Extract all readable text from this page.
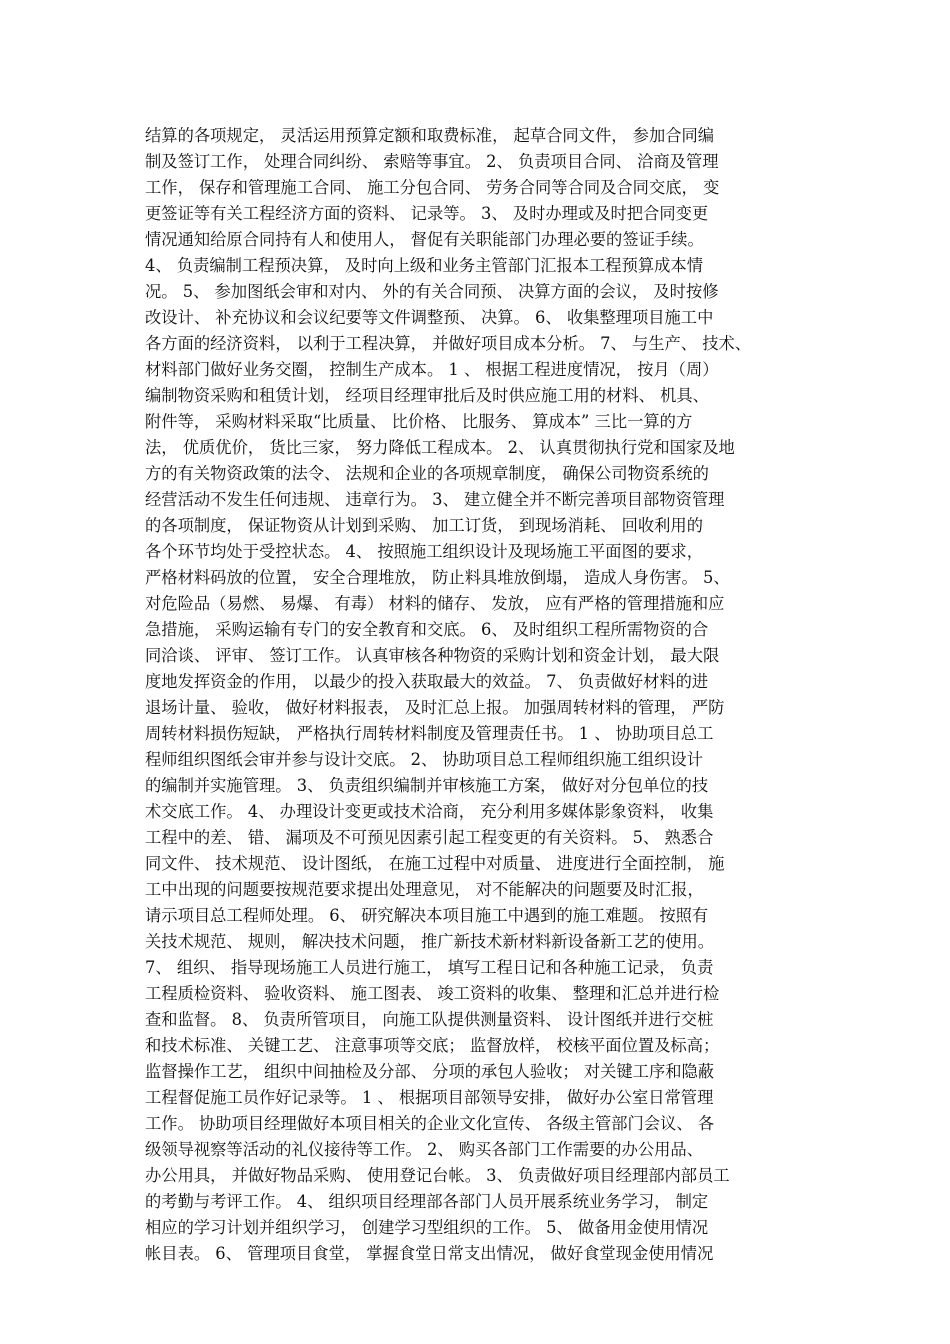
结算的各项规定， 灵活运用预算定额和取费标准， 起草合同文件， 参加合同编
制及签订工作， 处理合同纠纷、 索赔等事宜。 2、 负责项目合同、 洽商及管理
工作， 保存和管理施工合同、 施工分包合同、 劳务合同等合同及合同交底， 变
更签证等有关工程经济方面的资料、 记录等。 3、 及时办理或及时把合同变更
情况通知给原合同持有人和使用人， 督促有关职能部门办理必要的签证手续。
4、 负责编制工程预决算， 及时向上级和业务主管部门汇报本工程预算成本情
况。 5、 参加图纸会审和对内、 外的有关合同预、 决算方面的会议， 及时按修
改设计、 补充协议和会议纪要等文件调整预、 决算。 6、 收集整理项目施工中
各方面的经济资料， 以利于工程决算， 并做好项目成本分析。 7、 与生产、 技术、
材料部门做好业务交圈， 控制生产成本。 1 、 根据工程进度情况， 按月（周）
编制物资采购和租赁计划， 经项目经理审批后及时供应施工用的材料、 机具、
附件等， 采购材料采取“比质量、 比价格、 比服务、 算成本” 三比一算的方
法， 优质优价， 货比三家， 努力降低工程成本。 2、 认真贯彻执行党和国家及地
方的有关物资政策的法令、 法规和企业的各项规章制度， 确保公司物资系统的
经营活动不发生任何违规、 违章行为。 3、 建立健全并不断完善项目部物资管理
的各项制度， 保证物资从计划到采购、 加工订货， 到现场消耗、 回收利用的
各个环节均处于受控状态。 4、 按照施工组织设计及现场施工平面图的要求，
严格材料码放的位置， 安全合理堆放， 防止料具堆放倒塌， 造成人身伤害。 5、
对危险品（易燃、 易爆、 有毒） 材料的储存、 发放， 应有严格的管理措施和应
急措施， 采购运输有专门的安全教育和交底。 6、 及时组织工程所需物资的合
同洽谈、 评审、 签订工作。 认真审核各种物资的采购计划和资金计划， 最大限
度地发挥资金的作用， 以最少的投入获取最大的效益。 7、 负责做好材料的进
退场计量、 验收， 做好材料报表， 及时汇总上报。 加强周转材料的管理， 严防
周转材料损伤短缺， 严格执行周转材料制度及管理责任书。 1 、 协助项目总工
程师组织图纸会审并参与设计交底。 2、 协助项目总工程师组织施工组织设计
的编制并实施管理。 3、 负责组织编制并审核施工方案， 做好对分包单位的技
术交底工作。 4、 办理设计变更或技术洽商， 充分利用多媒体影象资料， 收集
工程中的差、 错、 漏项及不可预见因素引起工程变更的有关资料。 5、 熟悉合
同文件、 技术规范、 设计图纸， 在施工过程中对质量、 进度进行全面控制， 施
工中出现的问题要按规范要求提出处理意见， 对不能解决的问题要及时汇报，
请示项目总工程师处理。 6、 研究解决本项目施工中遇到的施工难题。 按照有
关技术规范、 规则， 解决技术问题， 推广新技术新材料新设备新工艺的使用。
7、 组织、 指导现场施工人员进行施工， 填写工程日记和各种施工记录， 负责
工程质检资料、 验收资料、 施工图表、 竣工资料的收集、 整理和汇总并进行检
查和监督。 8、 负责所管项目， 向施工队提供测量资料、 设计图纸并进行交桩
和技术标准、 关键工艺、 注意事项等交底； 监督放样， 校核平面位置及标高；
监督操作工艺， 组织中间抽检及分部、 分项的承包人验收； 对关键工序和隐蔽
工程督促施工员作好记录等。 1 、 根据项目部领导安排， 做好办公室日常管理
工作。 协助项目经理做好本项目相关的企业文化宣传、 各级主管部门会议、 各
级领导视察等活动的礼仪接待等工作。 2、 购买各部门工作需要的办公用品、
办公用具， 并做好物品采购、 使用登记台帐。 3、 负责做好项目经理部内部员工
的考勤与考评工作。 4、 组织项目经理部各部门人员开展系统业务学习， 制定
相应的学习计划并组织学习， 创建学习型组织的工作。 5、 做备用金使用情况
帐目表。 6、 管理项目食堂， 掌握食堂日常支出情况， 做好食堂现金使用情况
